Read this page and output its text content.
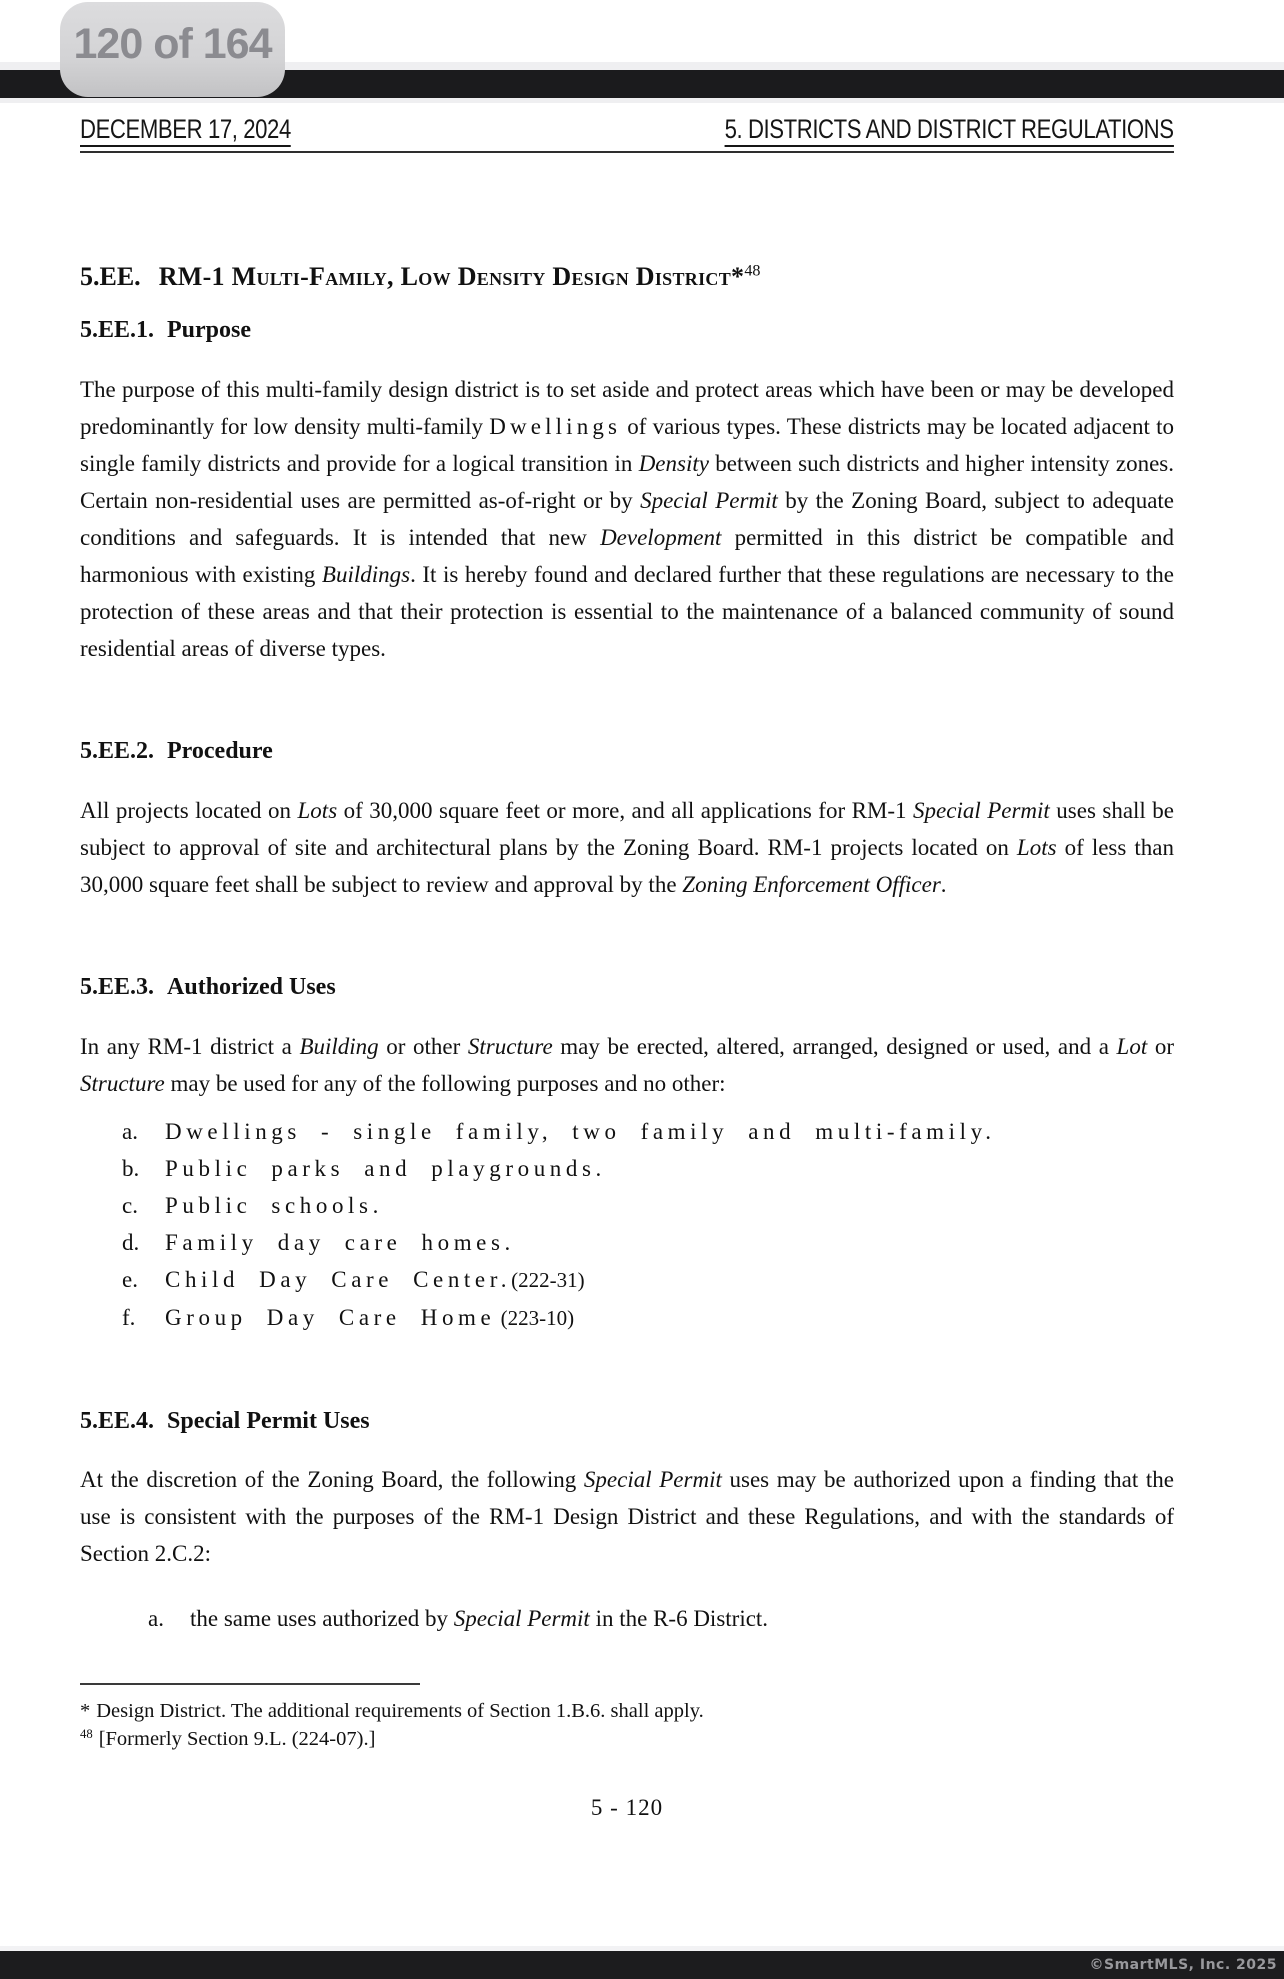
DECEMBER 17, 2024	5. DISTRICTS AND DISTRICT REGULATIONS
5.EE. RM-1 Multi-Family, Low Density Design District*$^{48}$
5.EE.1. Purpose

The purpose of this multi-family design district is to set aside and protect areas which have been or may be developed predominantly for low density multi-family Dwellings of various types. These districts may be located adjacent to single family districts and provide for a logical transition in Density between such districts and higher intensity zones. Certain non-residential uses are permitted as-of-right or by Special Permit by the Zoning Board, subject to adequate conditions and safeguards. It is intended that new Development permitted in this district be compatible and harmonious with existing Buildings. It is hereby found and declared further that these regulations are necessary to the protection of these areas and that their protection is essential to the maintenance of a balanced community of sound residential areas of diverse types.

5.EE.2. Procedure

All projects located on Lots of 30,000 square feet or more, and all applications for RM-1 Special Permit uses shall be subject to approval of site and architectural plans by the Zoning Board. RM-1 projects located on Lots of less than 30,000 square feet shall be subject to review and approval by the Zoning Enforcement Officer.

5.EE.3. Authorized Uses

In any RM-1 district a Building or other Structure may be erected, altered, arranged, designed or used, and a Lot or Structure may be used for any of the following purposes and no other:

a.	Dwellings - single family, two family and multi-family.
b.	Public parks and playgrounds.
c.	Public schools.
d.	Family day care homes.
e.	Child Day Care Center.(222-31)
f.	Group Day Care Home (223-10)
5.EE.4. Special Permit Uses

At the discretion of the Zoning Board, the following Special Permit uses may be authorized upon a finding that the use is consistent with the purposes of the RM-1 Design District and these Regulations, and with the standards of Section 2.C.2:

a.	the same uses authorized by Special Permit in the R-6 District.
* Design District. The additional requirements of Section 1.B.6. shall apply.
$^{48}$ [Formerly Section 9.L. (224-07).]
5 - 120
120 of 164
©SmartMLS, Inc. 2025
